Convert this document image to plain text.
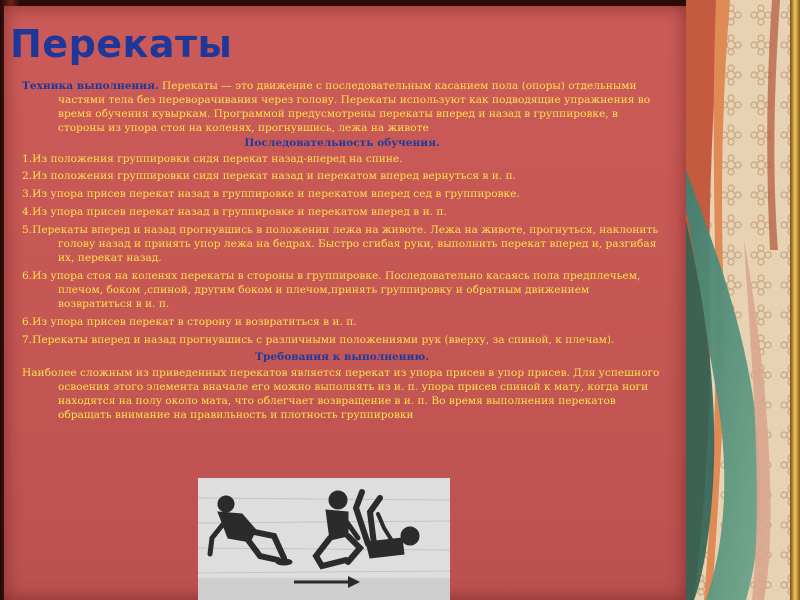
Перекаты

Техника выполнения. Перекаты — это движение с последовательным касанием пола (опоры) отдельными частями тела без переворачивания через голову. Перекаты используют как подводящие упражнения во время обучения кувыркам. Программой предусмотрены перекаты вперед и назад в группировке, в стороны из упора стоя на коленях, прогнувшись, лежа на животе

Последовательность обучения.

1.Из положения группировки сидя перекат назад-вперед на спине.

2.Из положения группировки сидя перекат назад и перекатом вперед вернуться в и. п.

3.Из упора присев перекат назад в группировке и перекатом вперед сед в группировке.

4.Из упора присев перекат назад в группировке и перекатом вперед в и. п.

5.Перекаты вперед и назад прогнувшись в положении лежа на животе. Лежа на животе, прогнуться, наклонить голову назад и принять упор лежа на бедрах. Быстро сгибая руки, выполнить перекат вперед и, разгибая их, перекат назад.

6.Из упора стоя на коленях перекаты в стороны в группировке. Последовательно касаясь пола предплечьем, плечом, боком ,спиной, другим боком и плечом,принять группировку и обратным движением возвратиться в и. п.

6.Из упора присев перекат в сторону и возвратиться в и. п.

7.Перекаты вперед и назад прогнувшись с различными положениями рук (вверху, за спиной, к плечам).

Требования к выполнению.

Наиболее сложным из приведенных перекатов является перекат из упора присев в упор присев. Для успешного освоения этого элемента вначале его можно выполнять из и. п. упора присев спиной к мату, когда ноги находятся на полу около мата, что облегчает возвращение в и. п. Во время выполнения перекатов обращать внимание на правильность и плотность группировки
